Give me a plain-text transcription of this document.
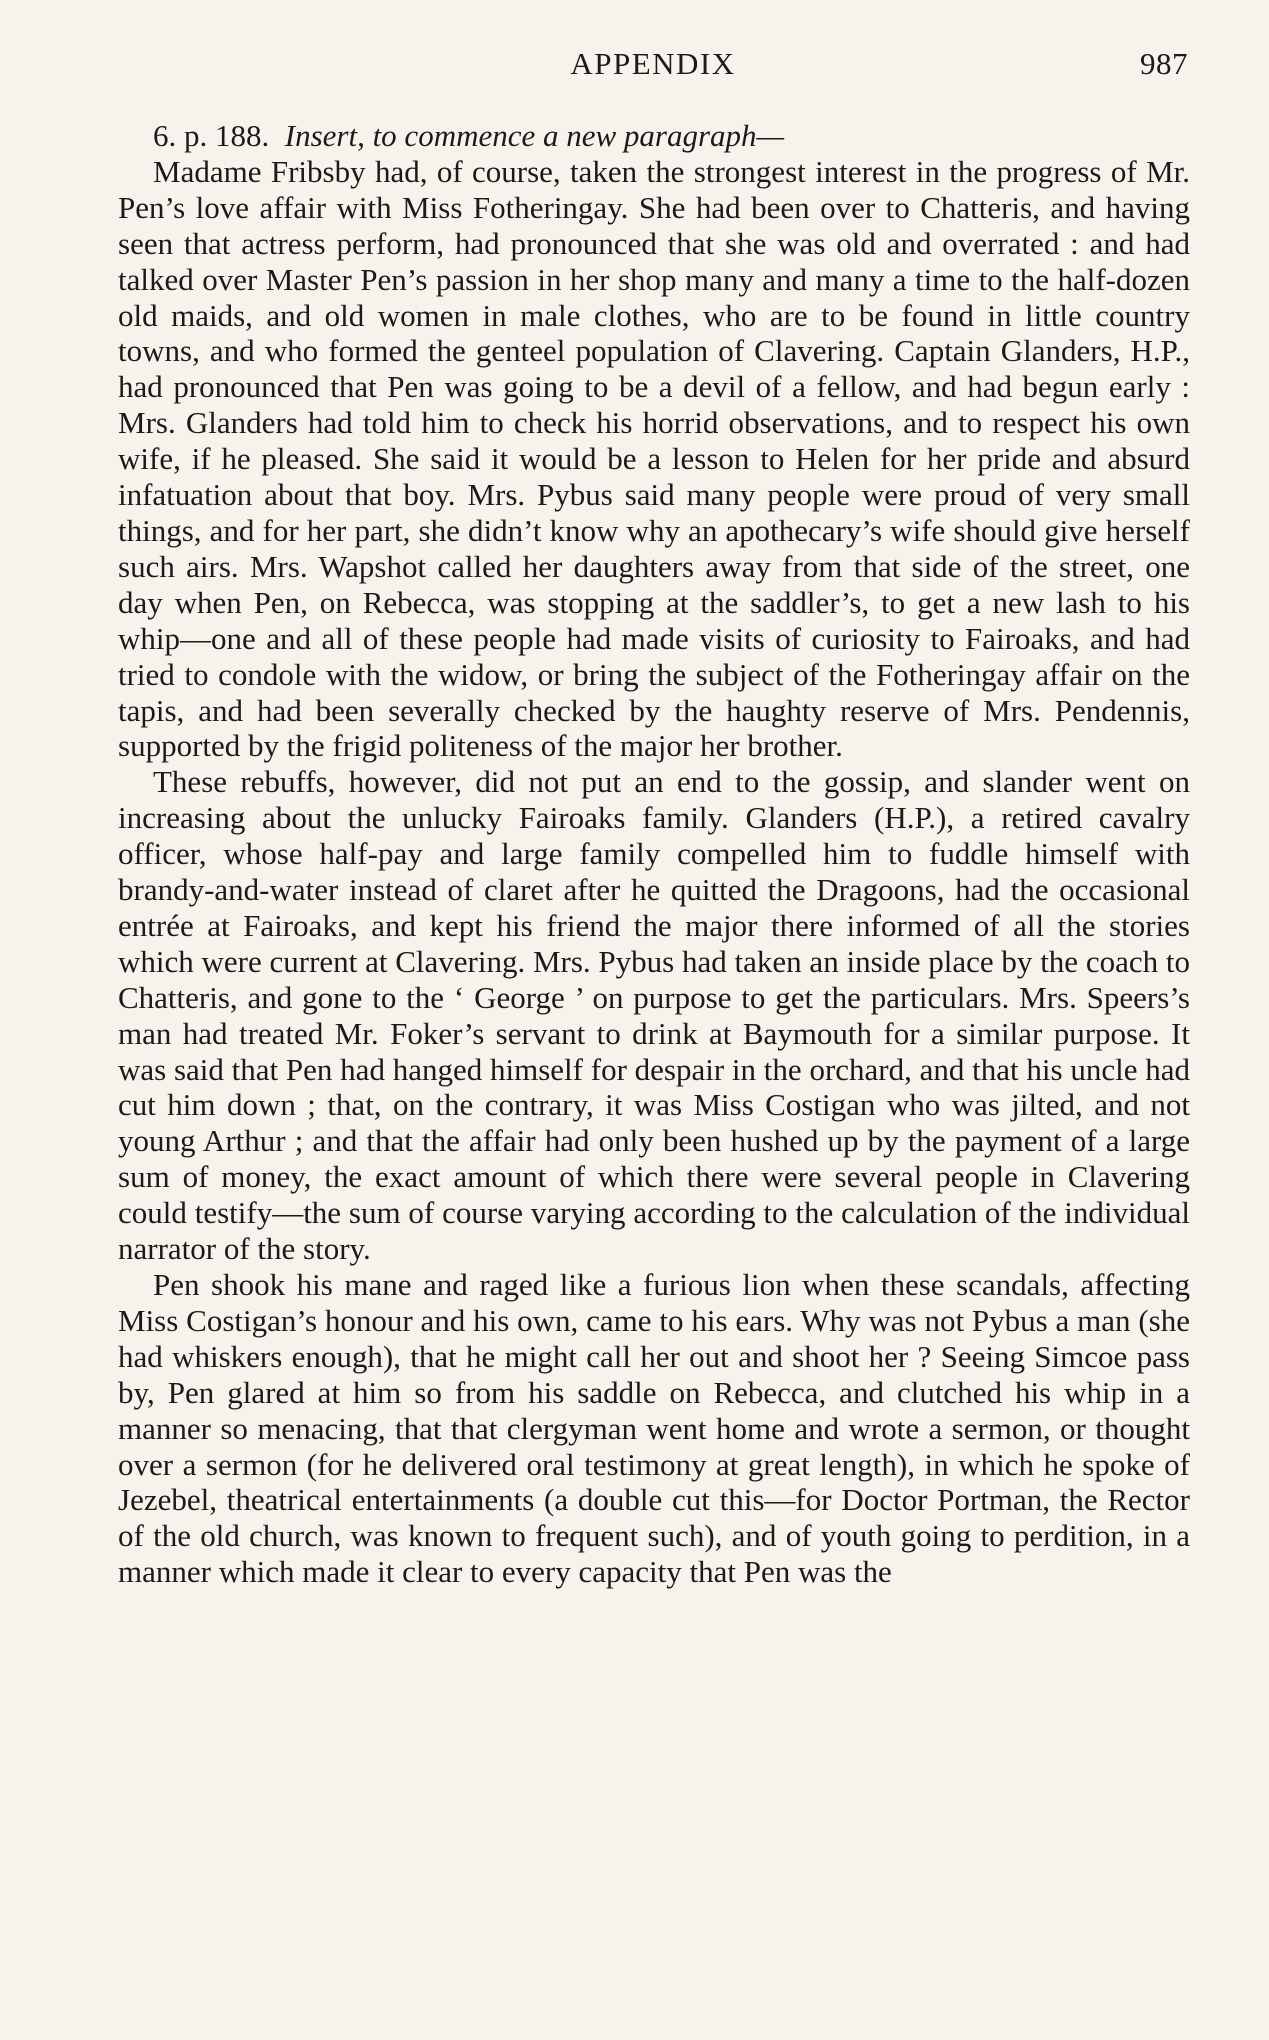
APPENDIX	987

6. p. 188. Insert, to commence a new paragraph—

Madame Fribsby had, of course, taken the strongest interest in the progress of Mr. Pen’s love affair with Miss Fotheringay. She had been over to Chatteris, and having seen that actress perform, had pronounced that she was old and overrated : and had talked over Master Pen’s passion in her shop many and many a time to the half-dozen old maids, and old women in male clothes, who are to be found in little country towns, and who formed the genteel population of Clavering. Captain Glanders, H.P., had pronounced that Pen was going to be a devil of a fellow, and had begun early : Mrs. Glanders had told him to check his horrid observations, and to respect his own wife, if he pleased. She said it would be a lesson to Helen for her pride and absurd infatuation about that boy. Mrs. Pybus said many people were proud of very small things, and for her part, she didn’t know why an apothecary’s wife should give herself such airs. Mrs. Wapshot called her daughters away from that side of the street, one day when Pen, on Rebecca, was stopping at the saddler’s, to get a new lash to his whip—one and all of these people had made visits of curiosity to Fairoaks, and had tried to condole with the widow, or bring the subject of the Fotheringay affair on the tapis, and had been severally checked by the haughty reserve of Mrs. Pendennis, supported by the frigid politeness of the major her brother.

These rebuffs, however, did not put an end to the gossip, and slander went on increasing about the unlucky Fairoaks family. Glanders (H.P.), a retired cavalry officer, whose half-pay and large family compelled him to fuddle himself with brandy-and-water instead of claret after he quitted the Dragoons, had the occasional entrée at Fairoaks, and kept his friend the major there informed of all the stories which were current at Clavering. Mrs. Pybus had taken an inside place by the coach to Chatteris, and gone to the ‘ George ’ on purpose to get the particulars. Mrs. Speers’s man had treated Mr. Foker’s servant to drink at Baymouth for a similar purpose. It was said that Pen had hanged himself for despair in the orchard, and that his uncle had cut him down ; that, on the contrary, it was Miss Costigan who was jilted, and not young Arthur ; and that the affair had only been hushed up by the payment of a large sum of money, the exact amount of which there were several people in Clavering could testify—the sum of course varying according to the calculation of the individual narrator of the story.

Pen shook his mane and raged like a furious lion when these scandals, affecting Miss Costigan’s honour and his own, came to his ears. Why was not Pybus a man (she had whiskers enough), that he might call her out and shoot her ? Seeing Simcoe pass by, Pen glared at him so from his saddle on Rebecca, and clutched his whip in a manner so menacing, that that clergyman went home and wrote a sermon, or thought over a sermon (for he delivered oral testimony at great length), in which he spoke of Jezebel, theatrical entertainments (a double cut this—for Doctor Portman, the Rector of the old church, was known to frequent such), and of youth going to perdition, in a manner which made it clear to every capacity that Pen was the
